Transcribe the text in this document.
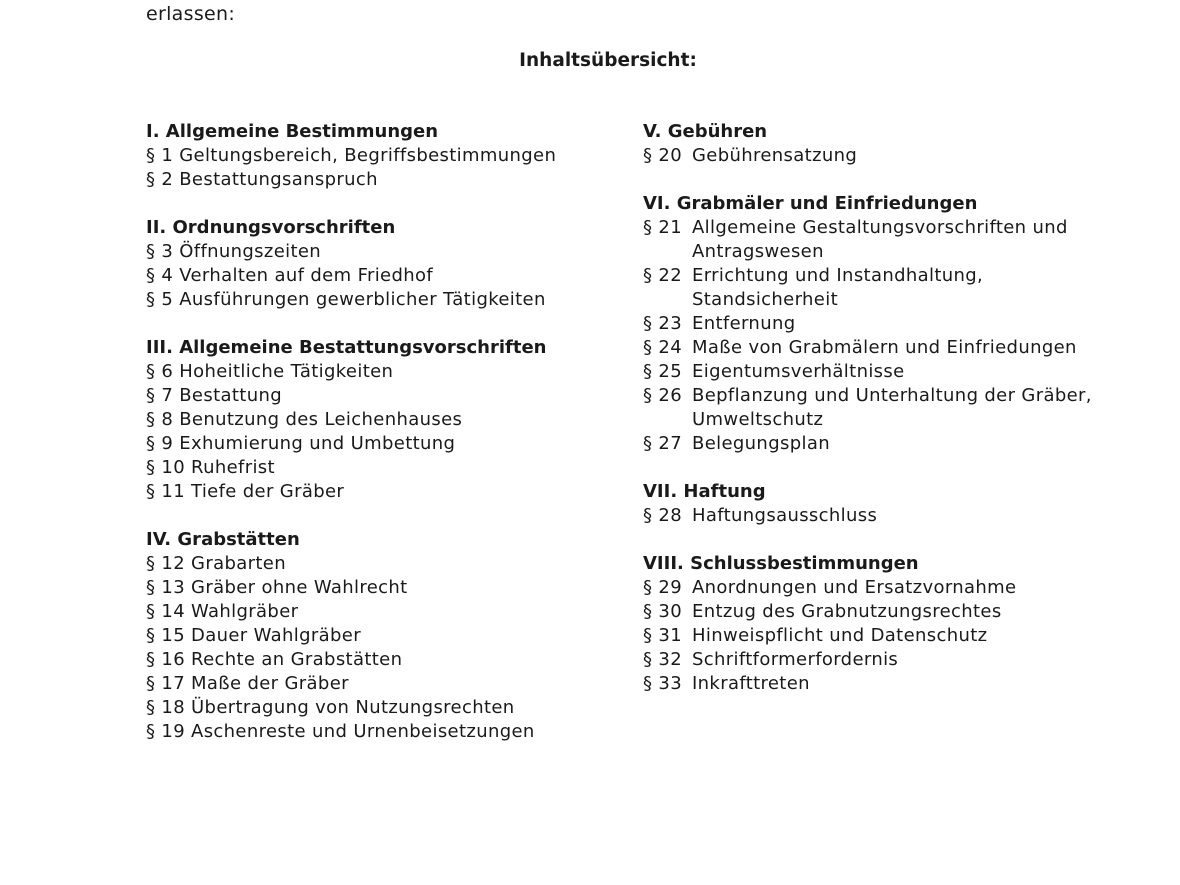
erlassen:
Inhaltsübersicht:
I. Allgemeine Bestimmungen
§ 1 Geltungsbereich, Begriffsbestimmungen
§ 2 Bestattungsanspruch
II. Ordnungsvorschriften
§ 3 Öffnungszeiten
§ 4 Verhalten auf dem Friedhof
§ 5 Ausführungen gewerblicher Tätigkeiten
III. Allgemeine Bestattungsvorschriften
§ 6 Hoheitliche Tätigkeiten
§ 7 Bestattung
§ 8 Benutzung des Leichenhauses
§ 9 Exhumierung und Umbettung
§ 10 Ruhefrist
§ 11 Tiefe der Gräber
IV. Grabstätten
§ 12 Grabarten
§ 13 Gräber ohne Wahlrecht
§ 14 Wahlgräber
§ 15 Dauer Wahlgräber
§ 16 Rechte an Grabstätten
§ 17 Maße der Gräber
§ 18 Übertragung von Nutzungsrechten
§ 19 Aschenreste und Urnenbeisetzungen
V. Gebühren
§ 20 Gebührensatzung
VI. Grabmäler und Einfriedungen
§ 21 Allgemeine Gestaltungsvorschriften und Antragswesen
§ 22 Errichtung und Instandhaltung, Standsicherheit
§ 23 Entfernung
§ 24 Maße von Grabmälern und Einfriedungen
§ 25 Eigentumsverhältnisse
§ 26 Bepflanzung und Unterhaltung der Gräber, Umweltschutz
§ 27 Belegungsplan
VII. Haftung
§ 28 Haftungsausschluss
VIII. Schlussbestimmungen
§ 29 Anordnungen und Ersatzvornahme
§ 30 Entzug des Grabnutzungsrechtes
§ 31 Hinweispflicht und Datenschutz
§ 32 Schriftformerfordernis
§ 33 Inkrafttreten
